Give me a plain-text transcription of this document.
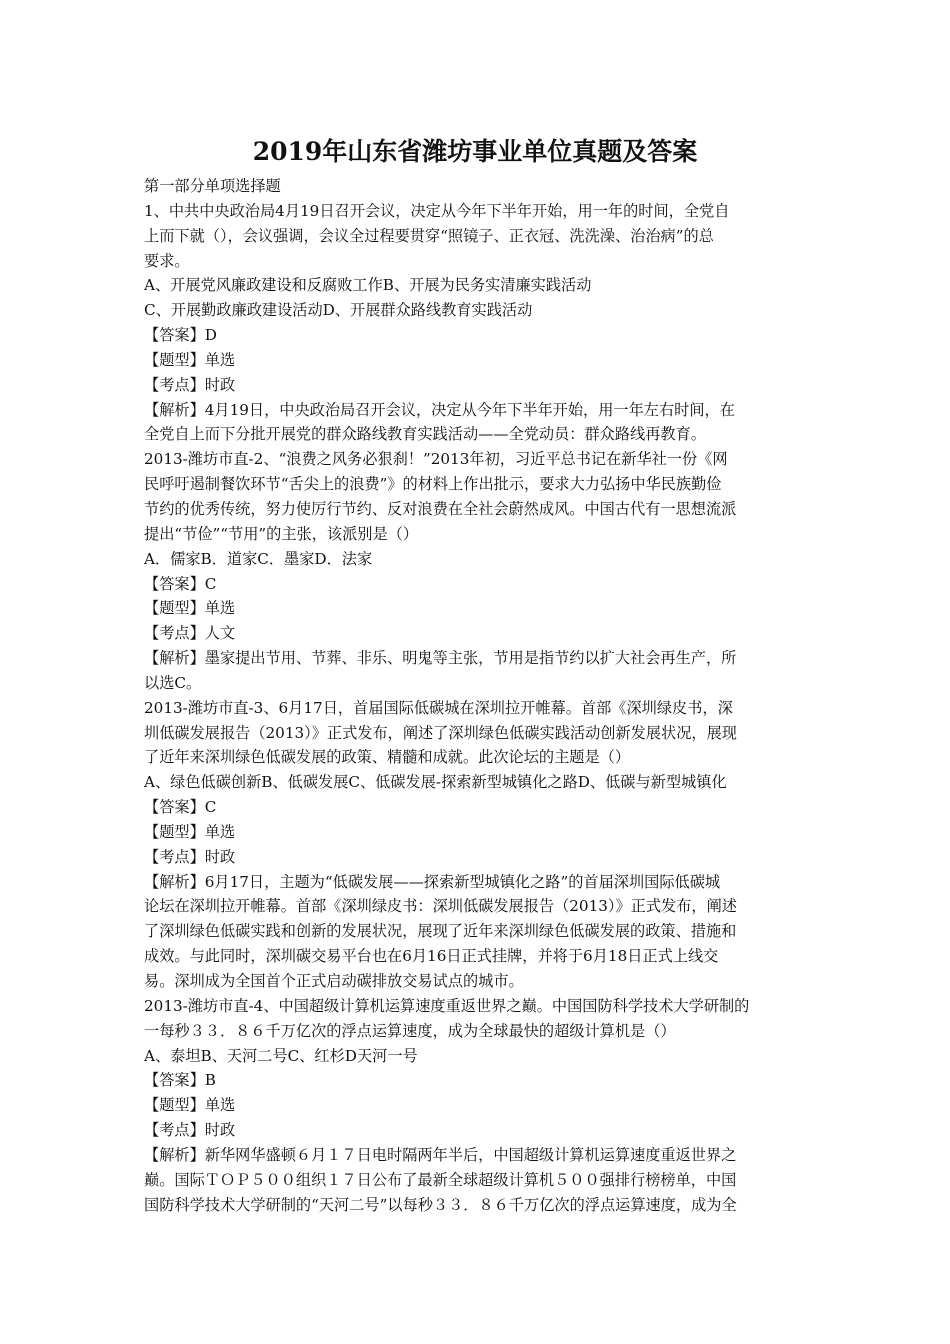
2019年山东省潍坊事业单位真题及答案
第一部分单项选择题
1、中共中央政治局4月19日召开会议，决定从今年下半年开始，用一年的时间，全党自
上而下就（），会议强调，会议全过程要贯穿“照镜子、正衣冠、洗洗澡、治治病”的总
要求。
A、开展党风廉政建设和反腐败工作B、开展为民务实清廉实践活动
C、开展勤政廉政建设活动D、开展群众路线教育实践活动
【答案】D
【题型】单选
【考点】时政
【解析】4月19日，中央政治局召开会议，决定从今年下半年开始，用一年左右时间，在
全党自上而下分批开展党的群众路线教育实践活动——全党动员：群众路线再教育。
2013-潍坊市直-2、“浪费之风务必狠刹！”2013年初，习近平总书记在新华社一份《网
民呼吁遏制餐饮环节“舌尖上的浪费”》的材料上作出批示，要求大力弘扬中华民族勤俭
节约的优秀传统，努力使厉行节约、反对浪费在全社会蔚然成风。中国古代有一思想流派
提出“节俭”“节用”的主张，该派别是（）
A．儒家B．道家C．墨家D．法家
【答案】C
【题型】单选
【考点】人文
【解析】墨家提出节用、节葬、非乐、明鬼等主张，节用是指节约以扩大社会再生产，所
以选C。
2013-潍坊市直-3、6月17日，首届国际低碳城在深圳拉开帷幕。首部《深圳绿皮书，深
圳低碳发展报告（2013）》正式发布，阐述了深圳绿色低碳实践活动创新发展状况，展现
了近年来深圳绿色低碳发展的政策、精髓和成就。此次论坛的主题是（）
A、绿色低碳创新B、低碳发展C、低碳发展-探索新型城镇化之路D、低碳与新型城镇化
【答案】C
【题型】单选
【考点】时政
【解析】6月17日，主题为“低碳发展——探索新型城镇化之路”的首届深圳国际低碳城
论坛在深圳拉开帷幕。首部《深圳绿皮书：深圳低碳发展报告（2013）》正式发布，阐述
了深圳绿色低碳实践和创新的发展状况，展现了近年来深圳绿色低碳发展的政策、措施和
成效。与此同时，深圳碳交易平台也在6月16日正式挂牌，并将于6月18日正式上线交
易。深圳成为全国首个正式启动碳排放交易试点的城市。
2013-潍坊市直-4、中国超级计算机运算速度重返世界之巅。中国国防科学技术大学研制的
一每秒３３．８６千万亿次的浮点运算速度，成为全球最快的超级计算机是（）
A、泰坦B、天河二号C、红杉D天河一号
【答案】B
【题型】单选
【考点】时政
【解析】新华网华盛顿６月１７日电时隔两年半后，中国超级计算机运算速度重返世界之
巅。国际ＴＯＰ５００组织１７日公布了最新全球超级计算机５００强排行榜榜单，中国
国防科学技术大学研制的“天河二号”以每秒３３．８６千万亿次的浮点运算速度，成为全
